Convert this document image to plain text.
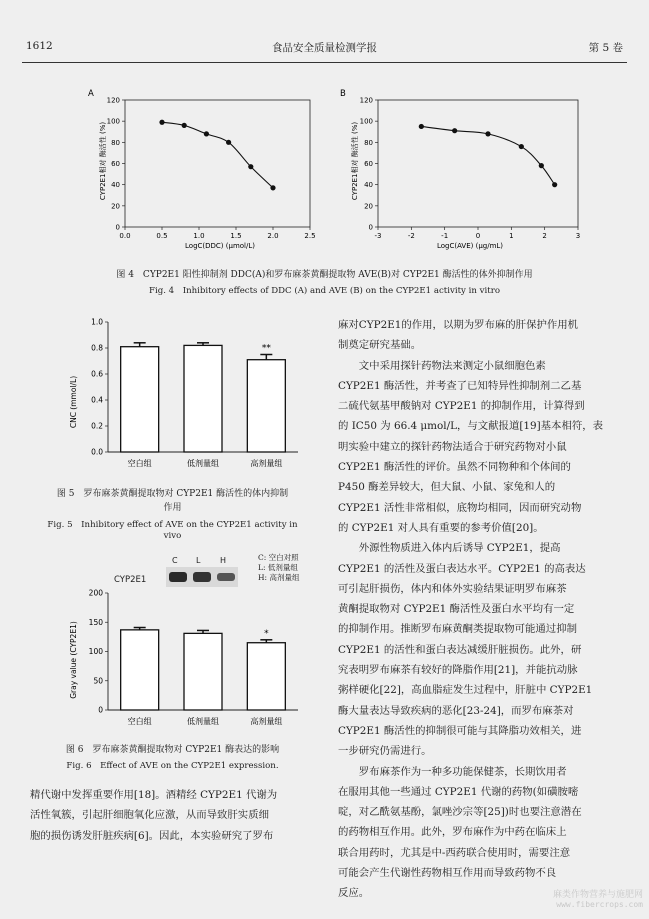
1612	食品安全质量检测学报	第 5 卷
A
0.0	0.5	1.0	1.5	2.0	2.5
0
20
40
60
80
100
120
LogC(DDC) (μmol/L)
CYP2E1相对 酶活性 (%)
B
-3	-2	-1	0	1	2	3
0
20
40
60
80
100
120
LogC(AVE) (μg/mL)
CYP2E1相对 酶活性 (%)
图 4　CYP2E1 阳性抑制剂 DDC(A)和罗布麻茶黄酮提取物 AVE(B)对 CYP2E1 酶活性的体外抑制作用
Fig. 4　Inhibitory effects of DDC (A) and AVE (B) on the CYP2E1 activity in vitro
0.0
0.2
0.4
0.6
0.8
1.0
空白组	低剂量组
**
高剂量组
CNC (mmol/L)
图 5　罗布麻茶黄酮提取物对 CYP2E1 酶活性的体内抑制
作用
Fig. 5　Inhibitory effect of AVE on the CYP2E1 activity in
vivo
CYP2E1
C L H	C: 空白对照
L: 低剂量组
H: 高剂量组
0
50
100
150
200
空白组	低剂量组
*
高剂量组
Gray value (CYP2E1)
图 6　罗布麻茶黄酮提取物对 CYP2E1 酶表达的影响
Fig. 6　Effect of AVE on the CYP2E1 expression.

精代谢中发挥重要作用[18]。酒精经 CYP2E1 代谢为

活性氧簇，引起肝细胞氧化应激，从而导致肝实质细

胞的损伤诱发肝脏疾病[6]。因此，本实验研究了罗布

麻对CYP2E1的作用，以期为罗布麻的肝保护作用机

制奠定研究基础。

文中采用探针药物法来测定小鼠细胞色素

CYP2E1 酶活性，并考查了已知特异性抑制剂二乙基

二硫代氨基甲酸钠对 CYP2E1 的抑制作用，计算得到

的 IC50 为 66.4 μmol/L，与文献报道[19]基本相符，表

明实验中建立的探针药物法适合于研究药物对小鼠

CYP2E1 酶活性的评价。虽然不同物种和个体间的

P450 酶差异较大，但大鼠、小鼠、家兔和人的

CYP2E1 活性非常相似，底物均相同，因而研究动物

的 CYP2E1 对人具有重要的参考价值[20]。

外源性物质进入体内后诱导 CYP2E1，提高

CYP2E1 的活性及蛋白表达水平。CYP2E1 的高表达

可引起肝损伤，体内和体外实验结果证明罗布麻茶

黄酮提取物对 CYP2E1 酶活性及蛋白水平均有一定

的抑制作用。推断罗布麻黄酮类提取物可能通过抑制

CYP2E1 的活性和蛋白表达减缓肝脏损伤。此外，研

究表明罗布麻茶有较好的降脂作用[21]，并能抗动脉

粥样硬化[22]，高血脂症发生过程中，肝脏中 CYP2E1

酶大量表达导致疾病的恶化[23-24]，而罗布麻茶对

CYP2E1 酶活性的抑制很可能与其降脂功效相关，进

一步研究仍需进行。

罗布麻茶作为一种多功能保健茶，长期饮用者

在服用其他一些通过 CYP2E1 代谢的药物(如磺胺嘧

啶，对乙酰氨基酚，氯唑沙宗等[25])时也要注意潜在

的药物相互作用。此外，罗布麻作为中药在临床上

联合用药时，尤其是中-西药联合使用时，需要注意

可能会产生代谢性药物相互作用而导致药物不良

反应。	麻类作物营养与施肥网
www.fibercrops.com
